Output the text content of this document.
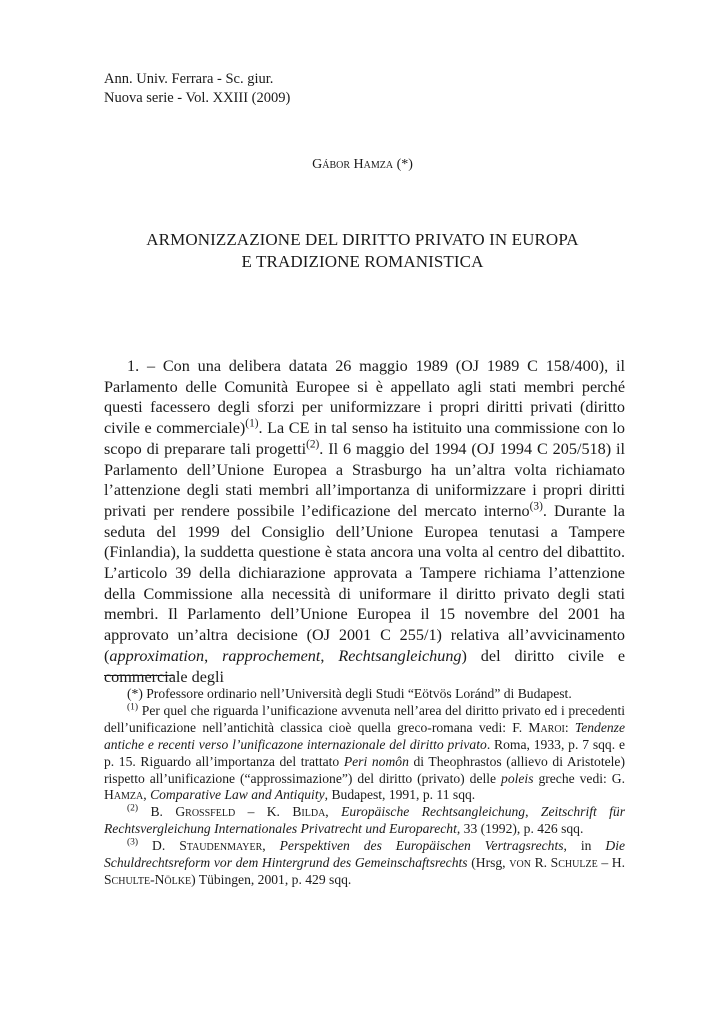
Ann. Univ. Ferrara - Sc. giur.
Nuova serie - Vol. XXIII (2009)
Gábor Hamza (*)
ARMONIZZAZIONE DEL DIRITTO PRIVATO IN EUROPA
E TRADIZIONE ROMANISTICA

1. – Con una delibera datata 26 maggio 1989 (OJ 1989 C 158/400), il Parlamento delle Comunità Europee si è appellato agli stati membri perché questi facessero degli sforzi per uniformizzare i propri diritti privati (diritto civile e commerciale)$^{(1)}$. La CE in tal senso ha istituito una commissione con lo scopo di preparare tali progetti$^{(2)}$. Il 6 maggio del 1994 (OJ 1994 C 205/518) il Parlamento dell’Unione Europea a Strasburgo ha un’altra volta richiamato l’attenzione degli stati membri all’importanza di uniformizzare i propri diritti privati per rendere possibile l’edificazione del mercato interno$^{(3)}$. Durante la seduta del 1999 del Consiglio dell’Unione Europea tenutasi a Tampere (Finlandia), la suddetta questione è stata ancora una volta al centro del dibattito. L’articolo 39 della dichiarazione approvata a Tampere richiama l’attenzione della Commissione alla necessità di uniformare il diritto privato degli stati membri. Il Parlamento dell’Unione Europea il 15 novembre del 2001 ha approvato un’altra decisione (OJ 2001 C 255/1) relativa all’avvicinamento (approximation, rapprochement, Rechtsangleichung) del diritto civile e commerciale degli

(*) Professore ordinario nell’Università degli Studi “Eötvös Loránd” di Budapest.

$^{(1)}$ Per quel che riguarda l’unificazione avvenuta nell’area del diritto privato ed i precedenti dell’unificazione nell’antichità classica cioè quella greco-romana vedi: F. Maroi: Tendenze antiche e recenti verso l’unificazone internazionale del diritto privato. Roma, 1933, p. 7 sqq. e p. 15. Riguardo all’importanza del trattato Peri nomôn di Theophrastos (allievo di Aristotele) rispetto all’unificazione (“approssimazione”) del diritto (privato) delle poleis greche vedi: G. Hamza, Comparative Law and Antiquity, Budapest, 1991, p. 11 sqq.

$^{(2)}$ B. Großfeld – K. Bilda, Europäische Rechtsangleichung, Zeitschrift für Rechtsvergleichung Internationales Privatrecht und Europarecht, 33 (1992), p. 426 sqq.

$^{(3)}$ D. Staudenmayer, Perspektiven des Europäischen Vertragsrechts, in Die Schuldrechtsreform vor dem Hintergrund des Gemeinschaftsrechts (Hrsg, von R. Schulze – H. Schulte-Nölke) Tübingen, 2001, p. 429 sqq.
